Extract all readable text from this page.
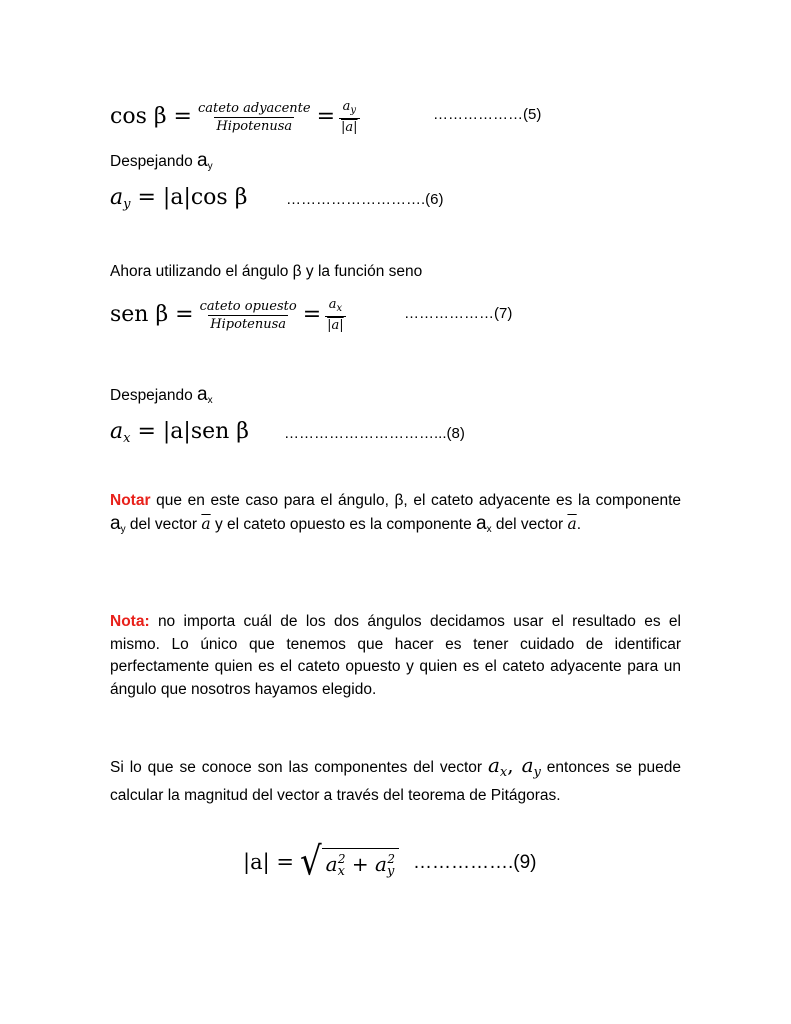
$\cos \beta = \frac{\text{cateto adyacente}}{\text{Hipotenusa}} = \frac{a_y}{|a|}$	………………(5)
Despejando $a_y$
ay = |a|cos β	……………………….(6)
Ahora utilizando el ángulo β y la función seno
sen $\beta = \frac{\text{cateto opuesto}}{\text{Hipotenusa}} = \frac{a_x}{|a|}$	………………(7)
Despejando $a_x$
ax = |a|sen β …………………………...(8)
Notar que en este caso para el ángulo, β, el cateto adyacente es la componente $a_y$ del vector $\overline{a}$ y el cateto opuesto es la componente $a_x$ del vector $\overline{a}$.
Nota: no importa cuál de los dos ángulos decidamos usar el resultado es el mismo. Lo único que tenemos que hacer es tener cuidado de identificar perfectamente quien es el cateto opuesto y quien es el cateto adyacente para un ángulo que nosotros hayamos elegido.
Si lo que se conoce son las componentes del vector $a_x$, $a_y$ entonces se puede calcular la magnitud del vector a través del teorema de Pitágoras.
|a| = √ $a_x^2 + a_y^2$ …………….(9)
